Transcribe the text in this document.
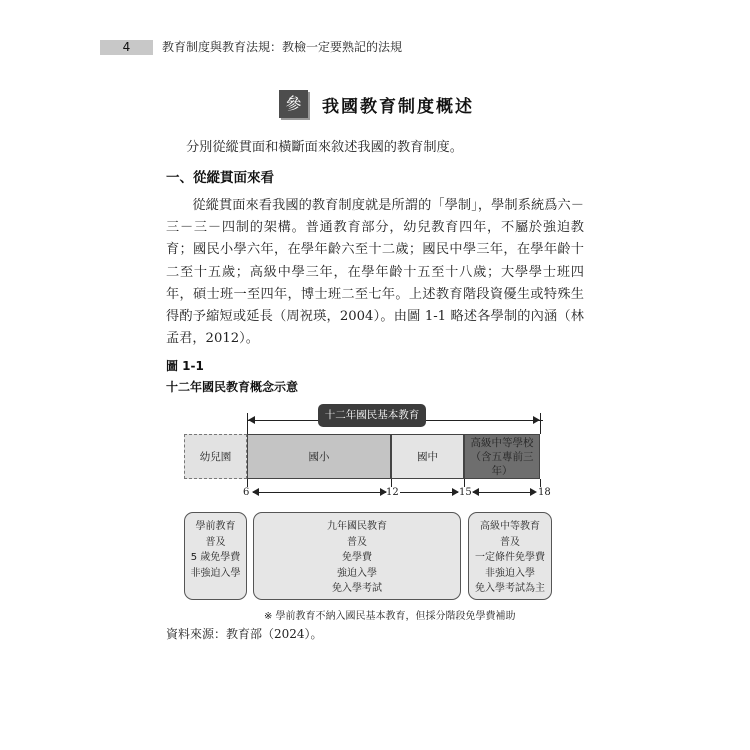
4	教育制度與教育法規：教檢一定要熟記的法規
參	我國教育制度概述
分別從縱貫面和橫斷面來敘述我國的教育制度。
一、從縱貫面來看
從縱貫面來看我國的教育制度就是所謂的「學制」，學制系統爲六－三－三－四制的架構。普通教育部分，幼兒教育四年，不屬於強迫教育；國民小學六年，在學年齡六至十二歲；國民中學三年，在學年齡十二至十五歲；高級中學三年，在學年齡十五至十八歲；大學學士班四年，碩士班一至四年，博士班二至七年。上述教育階段資優生或特殊生得酌予縮短或延長（周祝瑛，2004）。由圖 1-1 略述各學制的內涵（林孟君，2012）。
圖 1-1
十二年國民教育概念示意
十二年國民基本教育
幼兒園	國小	國中
高級中等學校
（含五專前三年）
6	12	15	18
學前教育
普及
5 歲免學費
非強迫入學
九年國民教育
普及
免學費
強迫入學
免入學考試
高級中等教育
普及
一定條件免學費
非強迫入學
免入學考試為主
※ 學前教育不納入國民基本教育，但採分階段免學費補助
資料來源：教育部（2024）。
